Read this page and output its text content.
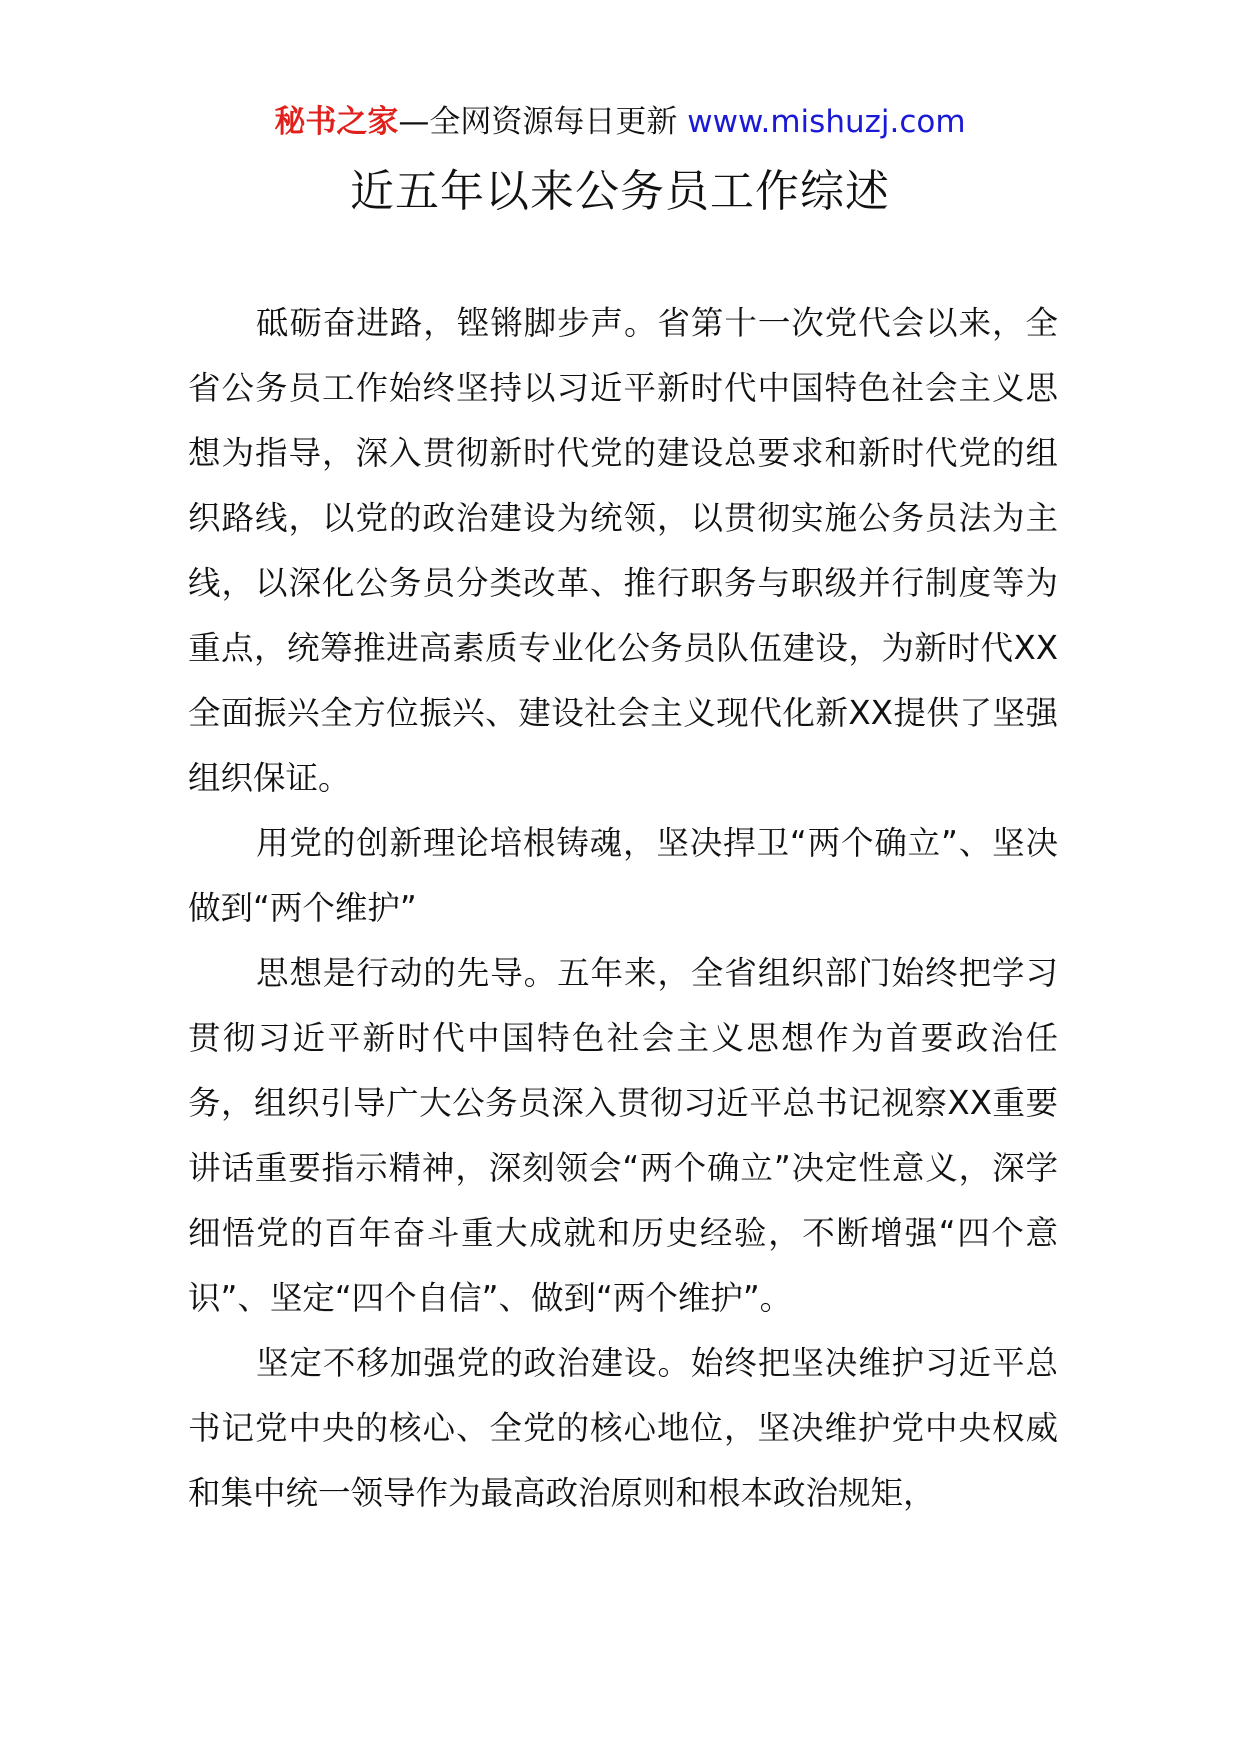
秘书之家—全网资源每日更新 www.mishuzj.com
近五年以来公务员工作综述

砥砺奋进路，铿锵脚步声。省第十一次党代会以来，全省公务员工作始终坚持以习近平新时代中国特色社会主义思想为指导，深入贯彻新时代党的建设总要求和新时代党的组织路线，以党的政治建设为统领，以贯彻实施公务员法为主线，以深化公务员分类改革、推行职务与职级并行制度等为重点，统筹推进高素质专业化公务员队伍建设，为新时代XX全面振兴全方位振兴、建设社会主义现代化新XX提供了坚强组织保证。

用党的创新理论培根铸魂，坚决捍卫“两个确立”、坚决做到“两个维护”

思想是行动的先导。五年来，全省组织部门始终把学习贯彻习近平新时代中国特色社会主义思想作为首要政治任务，组织引导广大公务员深入贯彻习近平总书记视察XX重要讲话重要指示精神，深刻领会“两个确立”决定性意义，深学细悟党的百年奋斗重大成就和历史经验，不断增强“四个意识”、坚定“四个自信”、做到“两个维护”。

坚定不移加强党的政治建设。始终把坚决维护习近平总书记党中央的核心、全党的核心地位，坚决维护党中央权威和集中统一领导作为最高政治原则和根本政治规矩，
